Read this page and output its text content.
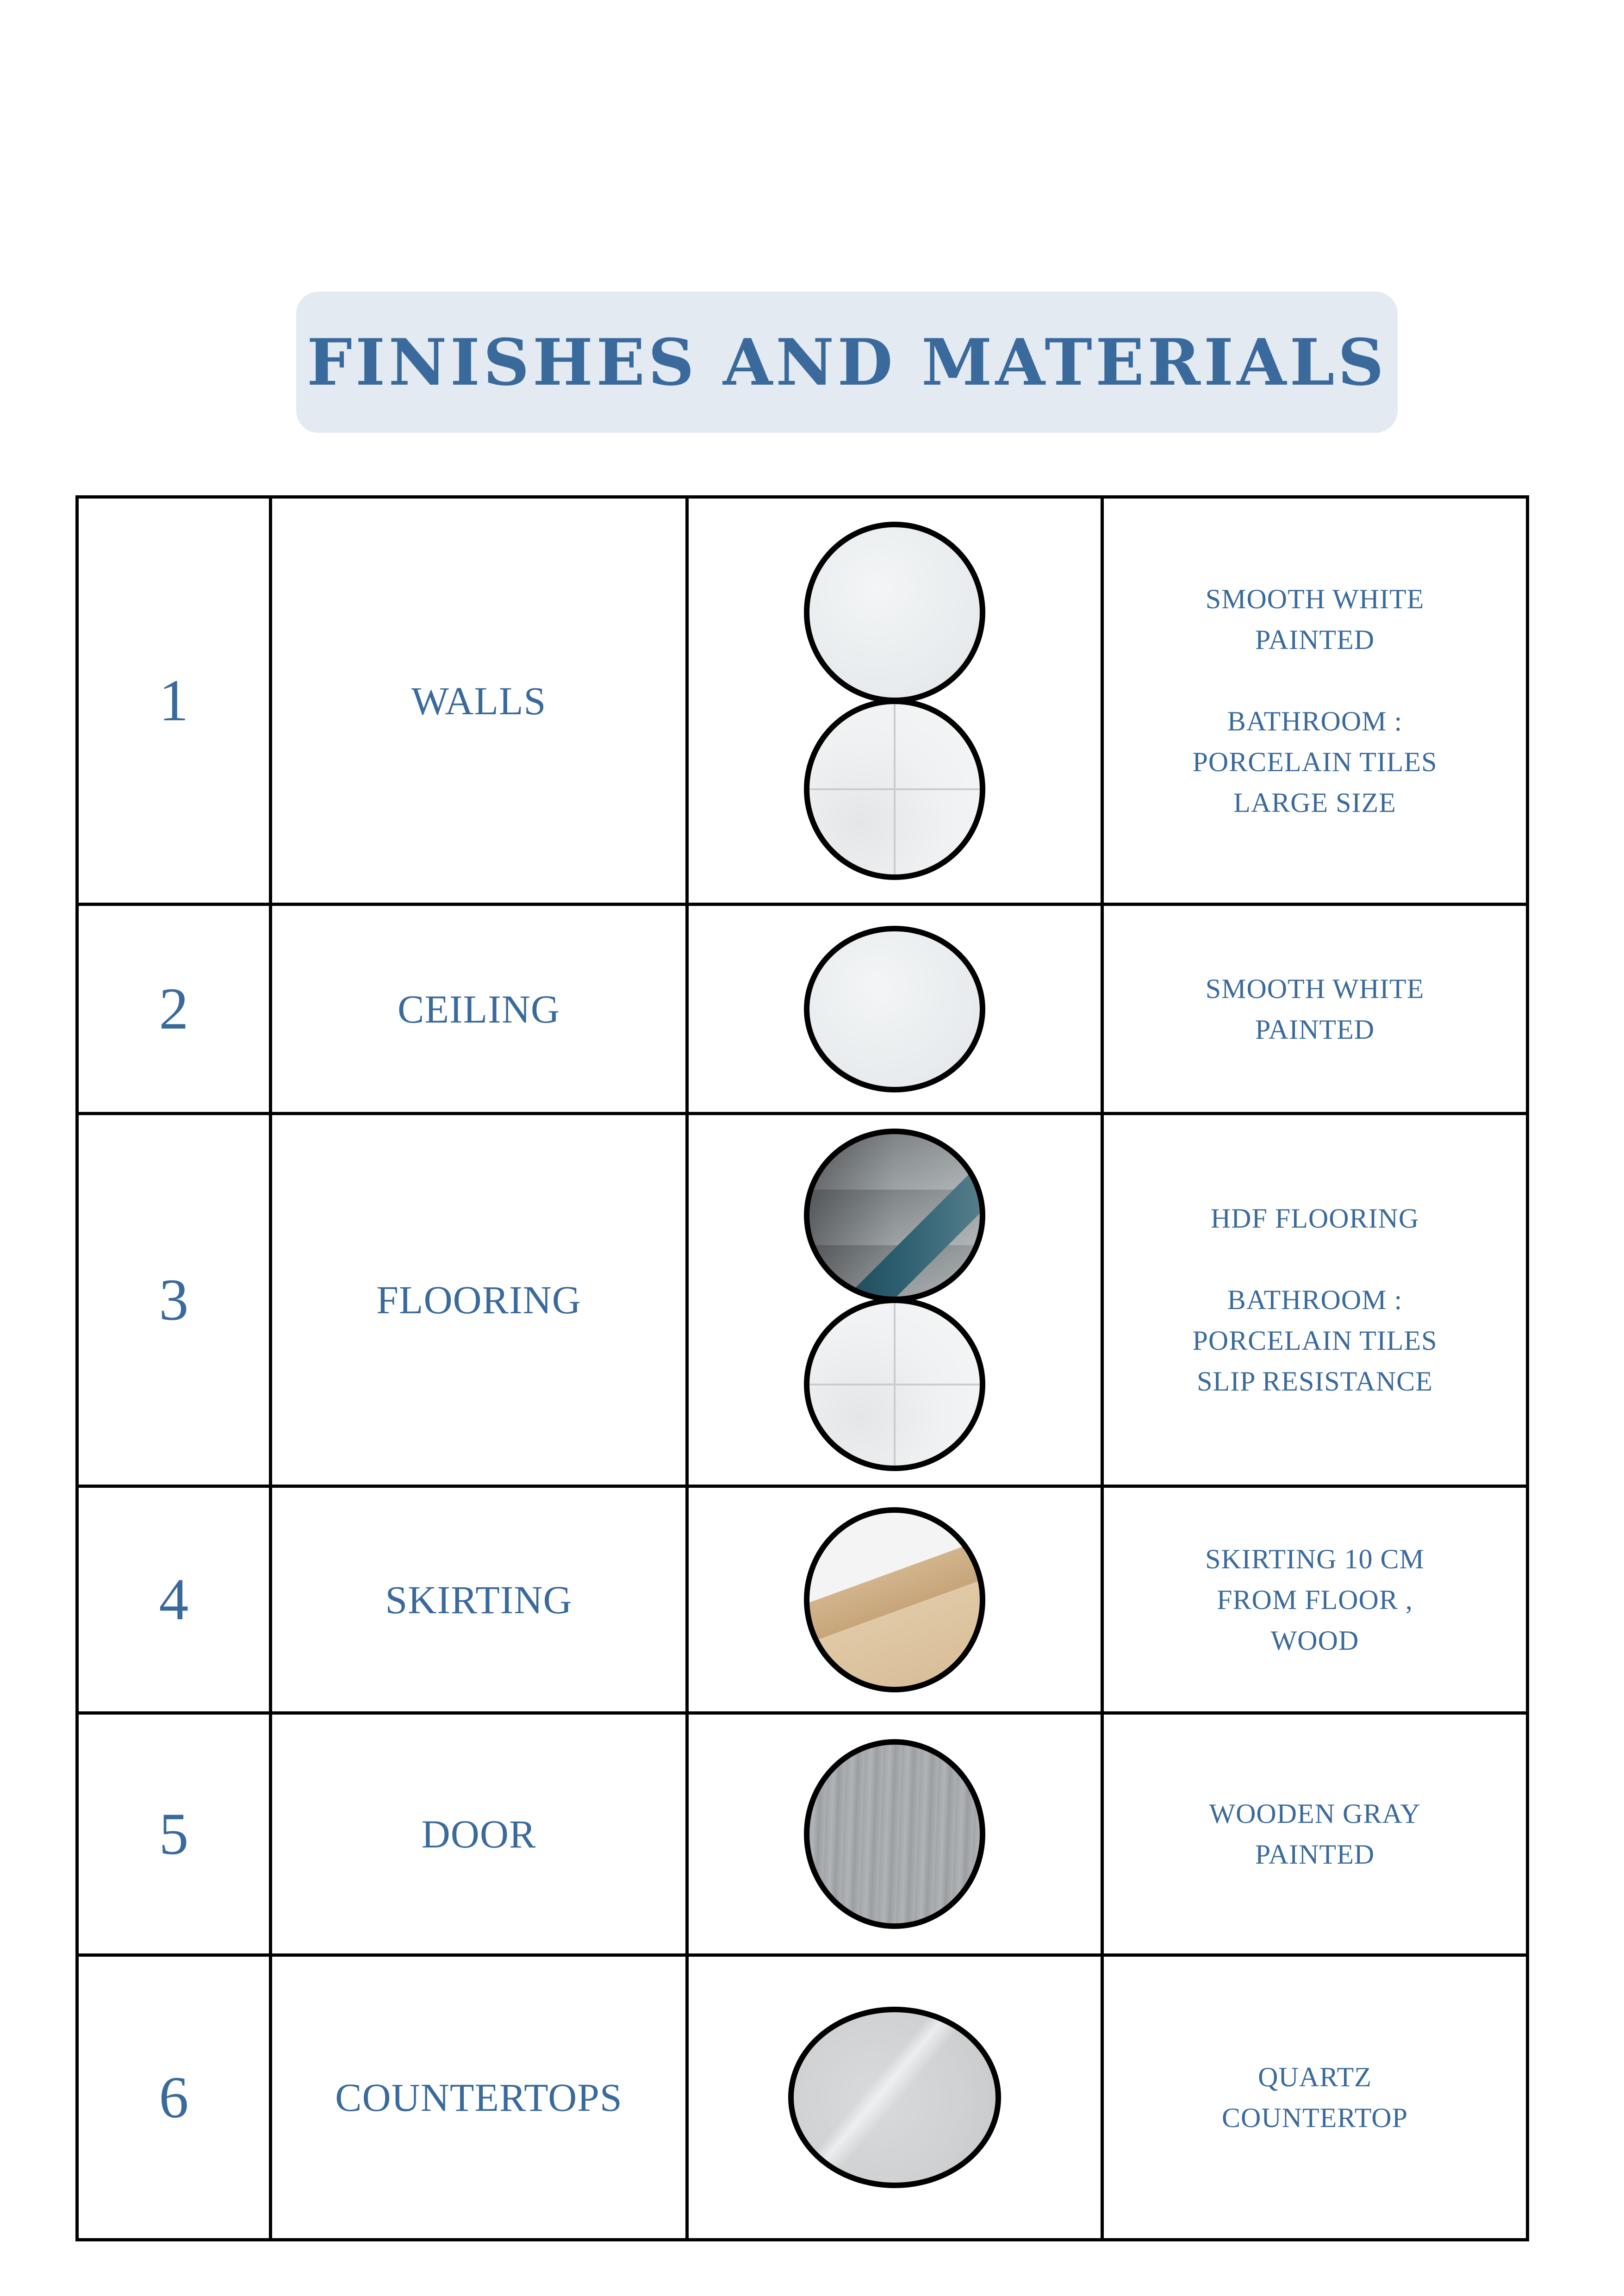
FINISHES AND MATERIALS
1	WALLS
SMOOTH WHITE
PAINTED

BATHROOM :
PORCELAIN TILES
LARGE SIZE
2	CEILING	SMOOTH WHITE
PAINTED
3	FLOORING
HDF FLOORING

BATHROOM :
PORCELAIN TILES
SLIP RESISTANCE
4	SKIRTING
SKIRTING 10 CM
FROM FLOOR ,
WOOD
5	DOOR	WOODEN GRAY
PAINTED
6	COUNTERTOPS	QUARTZ
COUNTERTOP
